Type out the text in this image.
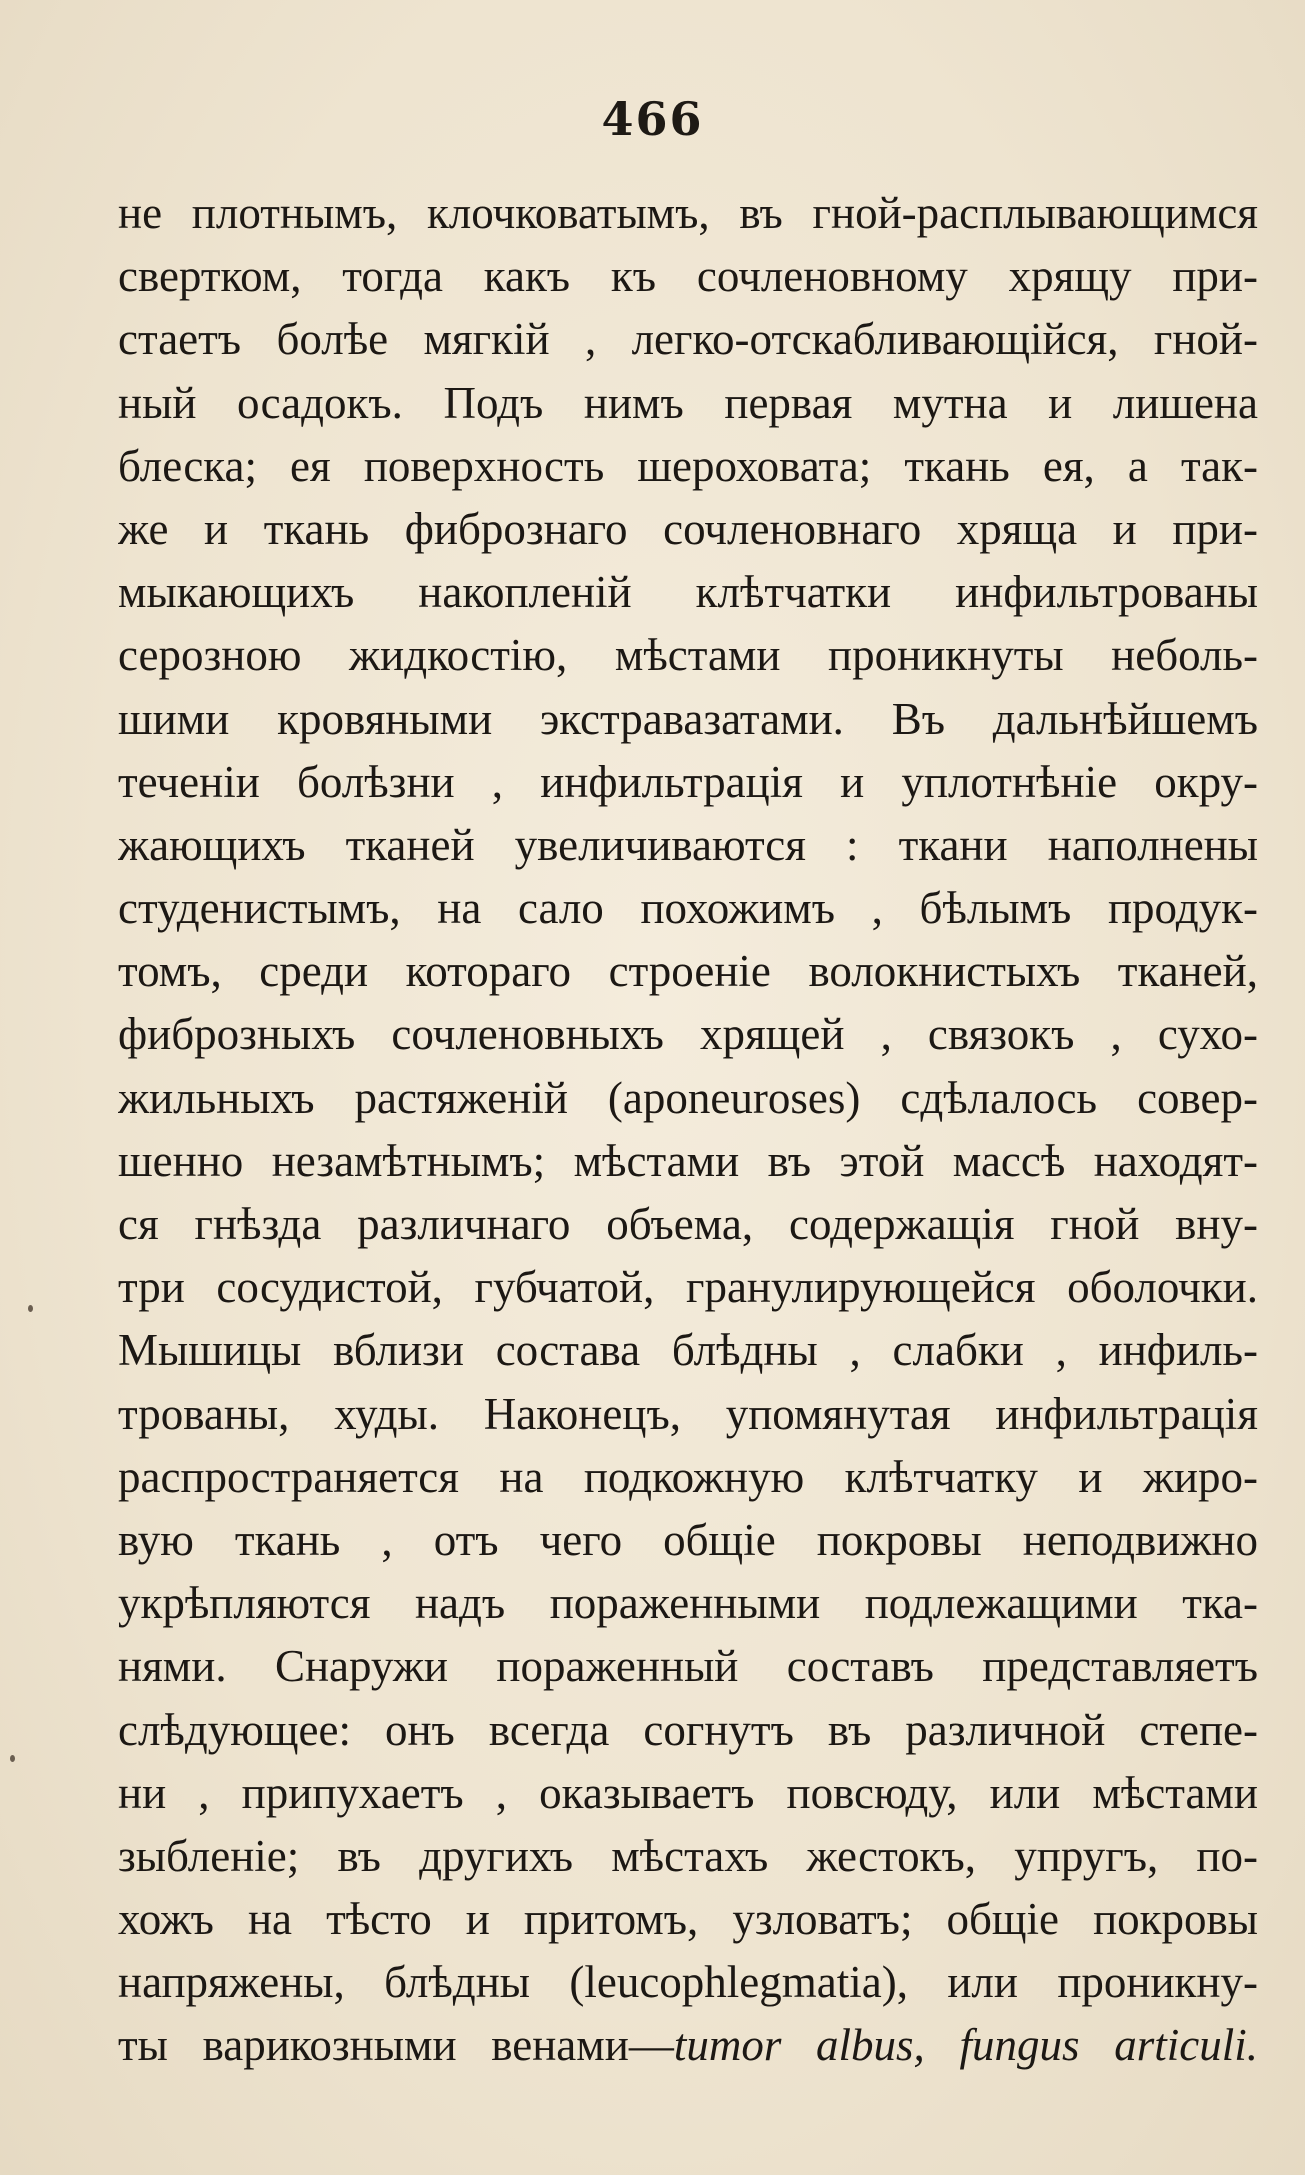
466
не плотнымъ, клочковатымъ, въ гной-расплывающимся
свертком, тогда какъ къ сочленовному хрящу при-
стаетъ болѣе мягкій , легко-отскабливающійся, гной-
ный осадокъ. Подъ нимъ первая мутна и лишена
блеска; ея поверхность шероховата; ткань ея, а так-
же и ткань фибрознаго сочленовнаго хряща и при-
мыкающихъ накопленій клѣтчатки инфильтрованы
серозною жидкостію, мѣстами проникнуты неболь-
шими кровяными экстравазатами. Въ дальнѣйшемъ
теченіи болѣзни , инфильтрація и уплотнѣніе окру-
жающихъ тканей увеличиваются : ткани наполнены
студенистымъ, на сало похожимъ , бѣлымъ продук-
томъ, среди котораго строеніе волокнистыхъ тканей,
фиброзныхъ сочленовныхъ хрящей , связокъ , сухо-
жильныхъ растяженій (aponeuroses) сдѣлалось совер-
шенно незамѣтнымъ; мѣстами въ этой массѣ находят-
ся гнѣзда различнаго объема, содержащія гной вну-
три сосудистой, губчатой, гранулирующейся оболочки.
Мышицы вблизи состава блѣдны , слабки , инфиль-
трованы, худы. Наконецъ, упомянутая инфильтрація
распространяется на подкожную клѣтчатку и жиро-
вую ткань , отъ чего общіе покровы неподвижно
укрѣпляются надъ пораженными подлежащими тка-
нями. Снаружи пораженный составъ представляетъ
слѣдующее: онъ всегда согнутъ въ различной степе-
ни , припухаетъ , оказываетъ повсюду, или мѣстами
зыбленіе; въ другихъ мѣстахъ жестокъ, упругъ, по-
хожъ на тѣсто и притомъ, узловатъ; общіе покровы
напряжены, блѣдны (leucophlegmatia), или проникну-
ты варикозными венами—tumor albus, fungus articuli.
